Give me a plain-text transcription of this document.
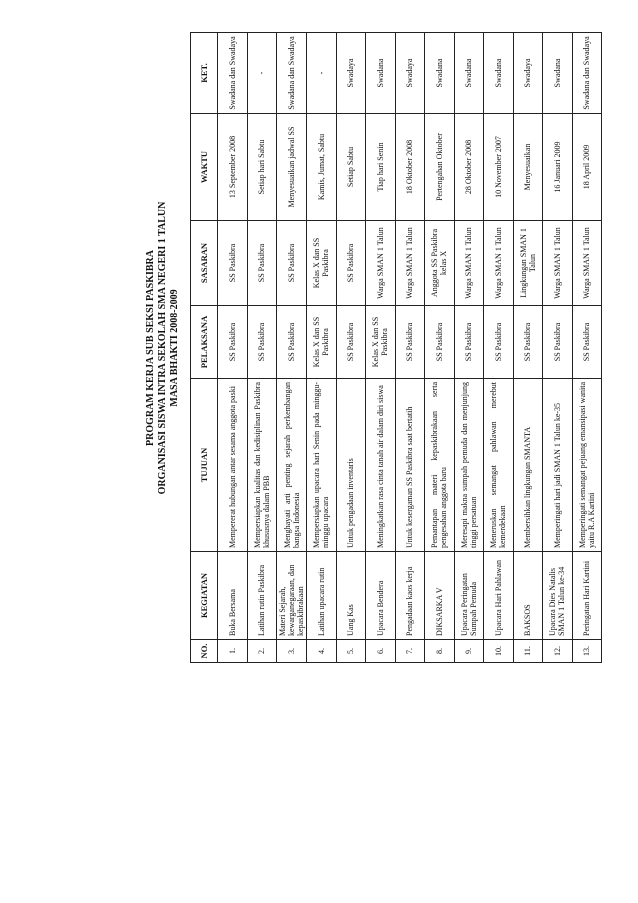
PROGRAM KERJA SUB SEKSI PASKIBRA ORGANISASI SISWA INTRA SEKOLAH SMA NEGERI 1 TALUN MASA BHAKTI 2008-2009
NO.	KEGIATAN	TUJUAN	PELAKSANA	SASARAN	WAKTU	KET.
1.	Buka Bersama	Mempererat hubungan antar sesama anggota paski	SS Paskibra	SS Paskibra	13 September 2008	Swadana dan Swadaya
2.	Latihan rutin Paskibra	Mempersiapkan kualitas dan kedisiplinan Paskibra khususnya dalam PBB	SS Paskibra	SS Paskibra	Setiap hari Sabtu	-
3.	Materi Sejarah, kewarganegaraan, dan kepaskibrakaan	Menghayati arti penting sejarah perkembangan bangsa Indonesia	SS Paskibra	SS Paskibra	Menyesuaikan jadwal SS	Swadana dan Swadaya
4.	Latihan upacara rutin	Mempersiapkan upacara hari Senin pada minggu-minggu upacara	Kelas X dan SS Paskibra	Kelas X dan SS Paskibra	Kamis, Jumat, Sabtu	-
5.	Uang Kas	Untuk pengadaan inventaris	SS Paskibra	SS Paskibra	Setiap Sabtu	Swadaya
6.	Upacara Bendera	Meningkatkan rasa cinta tanah air dalam diri siswa	Kelas X dan SS Paskibra	Warga SMAN 1 Talun	Tiap hari Senin	Swadana
7.	Pengadaan kaos kerja	Untuk kesergaman SS Paskibra saat bertatih	SS Paskibra	Warga SMAN 1 Talun	18 Oktober 2008	Swadaya
8.	DIKSARKA V	Pemantapan materi kepaskibrakaan serta pengesahan anggota baru	SS Paskibra	Anggota SS Paskibra kelas X	Pertengahan Oktober	Swadana
9.	Upacara Peringatan Sumpah Pemuda	Meresapi makna sumpah pemuda dan menjunjung tinggi persatuan	SS Paskibra	Warga SMAN 1 Talun	28 Oktober 2008	Swadana
10.	Upacara Hari Pahlawan	Meneruskan semangat pahlawan merebut kemerdekaan	SS Paskibra	Warga SMAN 1 Talun	10 November 2007	Swadana
11.	BAKSOS	Membersihkan lingkungan SMANTA	SS Paskibra	Lingkungan SMAN 1 Talun	Menyesuaikan	Swadaya
12.	Upacara Dies Natalis SMAN 1 Talun ke-34	Memperingati hari jadi SMAN 1 Talun ke-35	SS Paskibra	Warga SMAN 1 Talun	16 Januari 2009	Swadana
13.	Peringatan Hari Kartini	Memperingati semangat pejuang emansipasi wanita yaitu R.A Kartini	SS Paskibra	Warga SMAN 1 Talun	18 April 2009	Swadana dan Swadaya
